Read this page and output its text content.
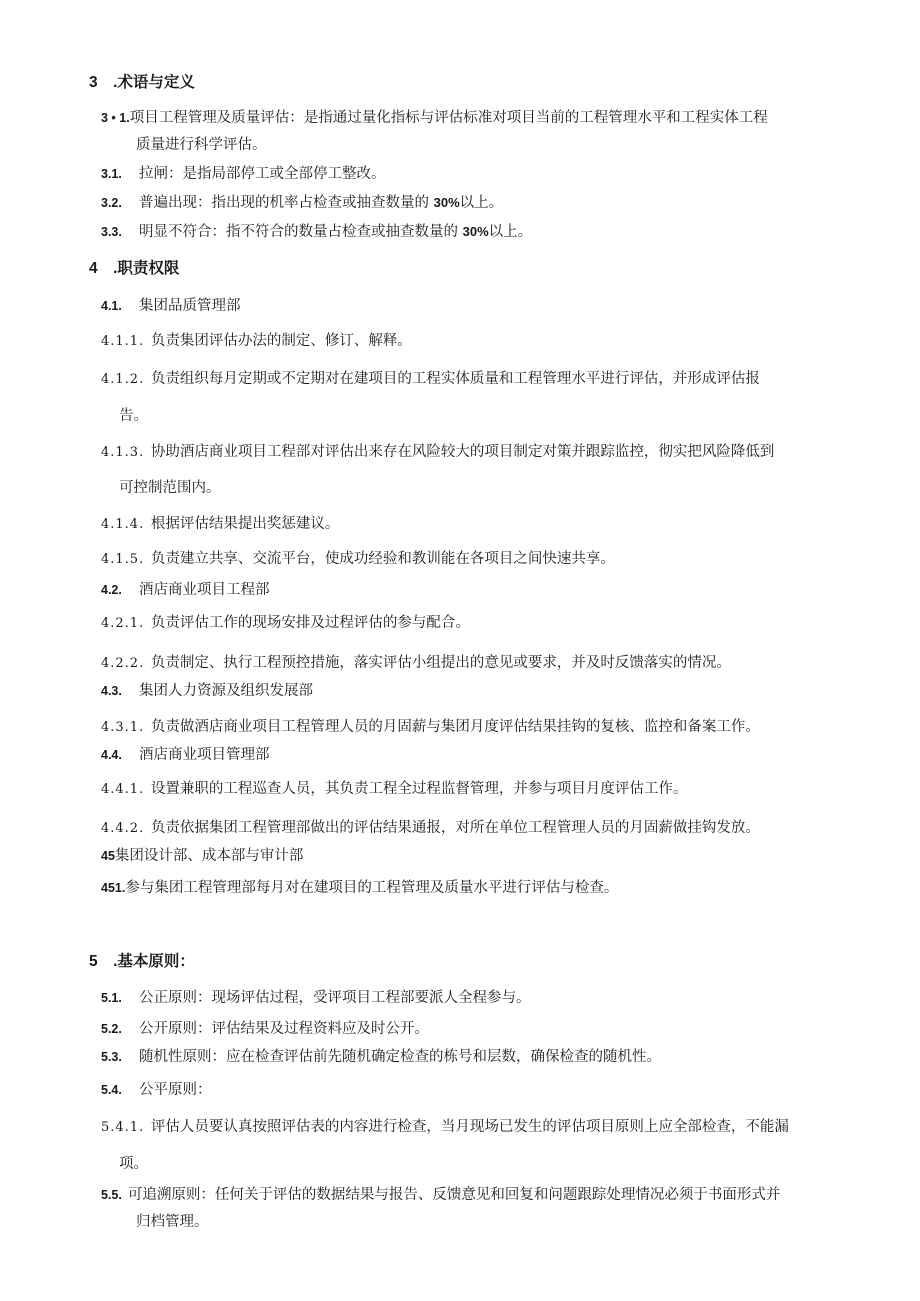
3　.术语与定义
3 • 1.项目工程管理及质量评估：是指通过量化指标与评估标准对项目当前的工程管理水平和工程实体工程
质量进行科学评估。
3.1. 拉闸：是指局部停工或全部停工整改。
3.2. 普遍出现：指出现的机率占检查或抽查数量的 30%以上。
3.3. 明显不符合：指不符合的数量占检查或抽查数量的 30%以上。
4　.职责权限
4.1. 集团品质管理部
4.1.1. 负责集团评估办法的制定、修订、解释。
4.1.2. 负责组织每月定期或不定期对在建项目的工程实体质量和工程管理水平进行评估，并形成评估报
告。
4.1.3. 协助酒店商业项目工程部对评估出来存在风险较大的项目制定对策并跟踪监控，彻实把风险降低到
可控制范围内。
4.1.4. 根据评估结果提出奖惩建议。
4.1.5. 负责建立共享、交流平台，使成功经验和教训能在各项目之间快速共享。
4.2. 酒店商业项目工程部
4.2.1. 负责评估工作的现场安排及过程评估的参与配合。
4.2.2. 负责制定、执行工程预控措施，落实评估小组提出的意见或要求，并及时反馈落实的情况。
4.3. 集团人力资源及组织发展部
4.3.1. 负责做酒店商业项目工程管理人员的月固薪与集团月度评估结果挂钩的复核、监控和备案工作。
4.4. 酒店商业项目管理部
4.4.1. 设置兼职的工程巡查人员，其负责工程全过程监督管理，并参与项目月度评估工作。
4.4.2. 负责依据集团工程管理部做出的评估结果通报，对所在单位工程管理人员的月固薪做挂钩发放。
45集团设计部、成本部与审计部
451.参与集团工程管理部每月对在建项目的工程管理及质量水平进行评估与检查。
5　.基本原则：
5.1. 公正原则：现场评估过程，受评项目工程部要派人全程参与。
5.2. 公开原则：评估结果及过程资料应及时公开。
5.3. 随机性原则：应在检查评估前先随机确定检查的栋号和层数，确保检查的随机性。
5.4. 公平原则：
5.4.1. 评估人员要认真按照评估表的内容进行检查，当月现场已发生的评估项目原则上应全部检查，不能漏
项。
5.5. 可追溯原则：任何关于评估的数据结果与报告、反馈意见和回复和问题跟踪处理情况必须于书面形式并
归档管理。
